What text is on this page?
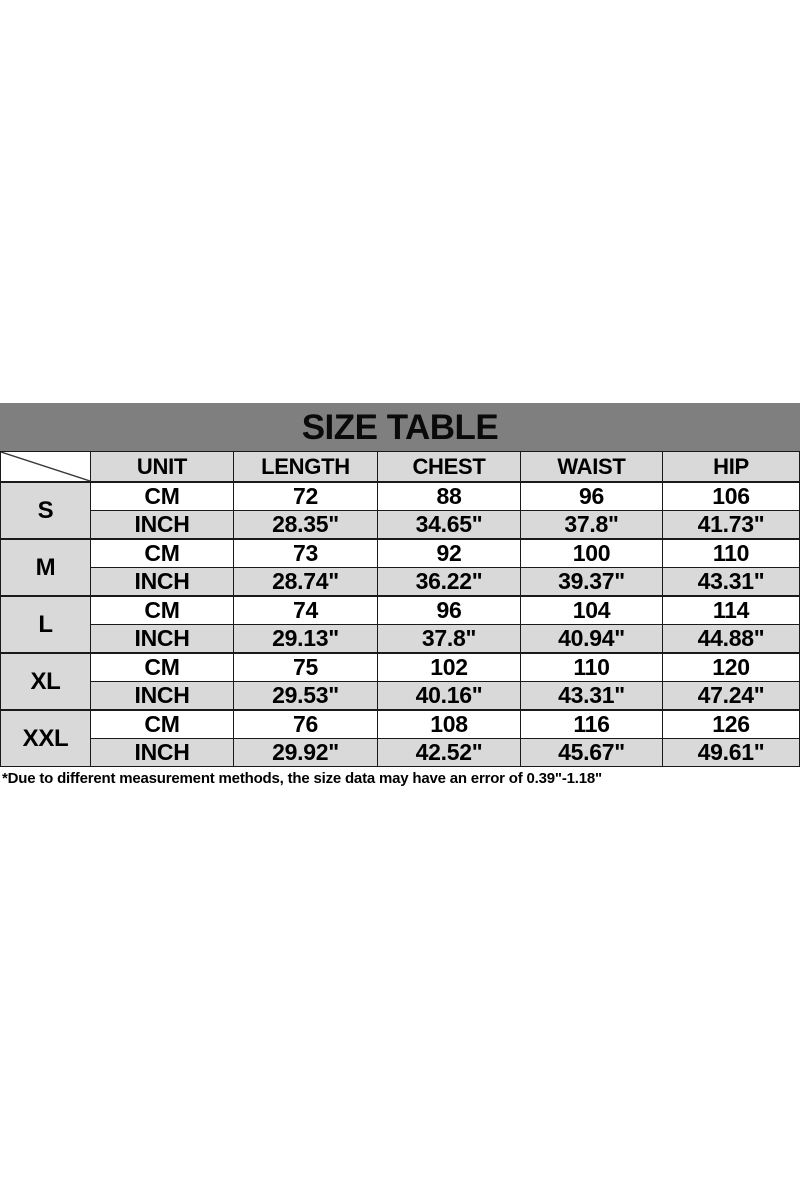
SIZE TABLE
	UNIT	LENGTH	CHEST	WAIST	HIP
S	CM	72	88	96	106
	INCH	28.35"	34.65"	37.8"	41.73"
M	CM	73	92	100	110
	INCH	28.74"	36.22"	39.37"	43.31"
L	CM	74	96	104	114
	INCH	29.13"	37.8"	40.94"	44.88"
XL	CM	75	102	110	120
	INCH	29.53"	40.16"	43.31"	47.24"
XXL	CM	76	108	116	126
	INCH	29.92"	42.52"	45.67"	49.61"
*Due to different measurement methods, the size data may have an error of 0.39"-1.18"
